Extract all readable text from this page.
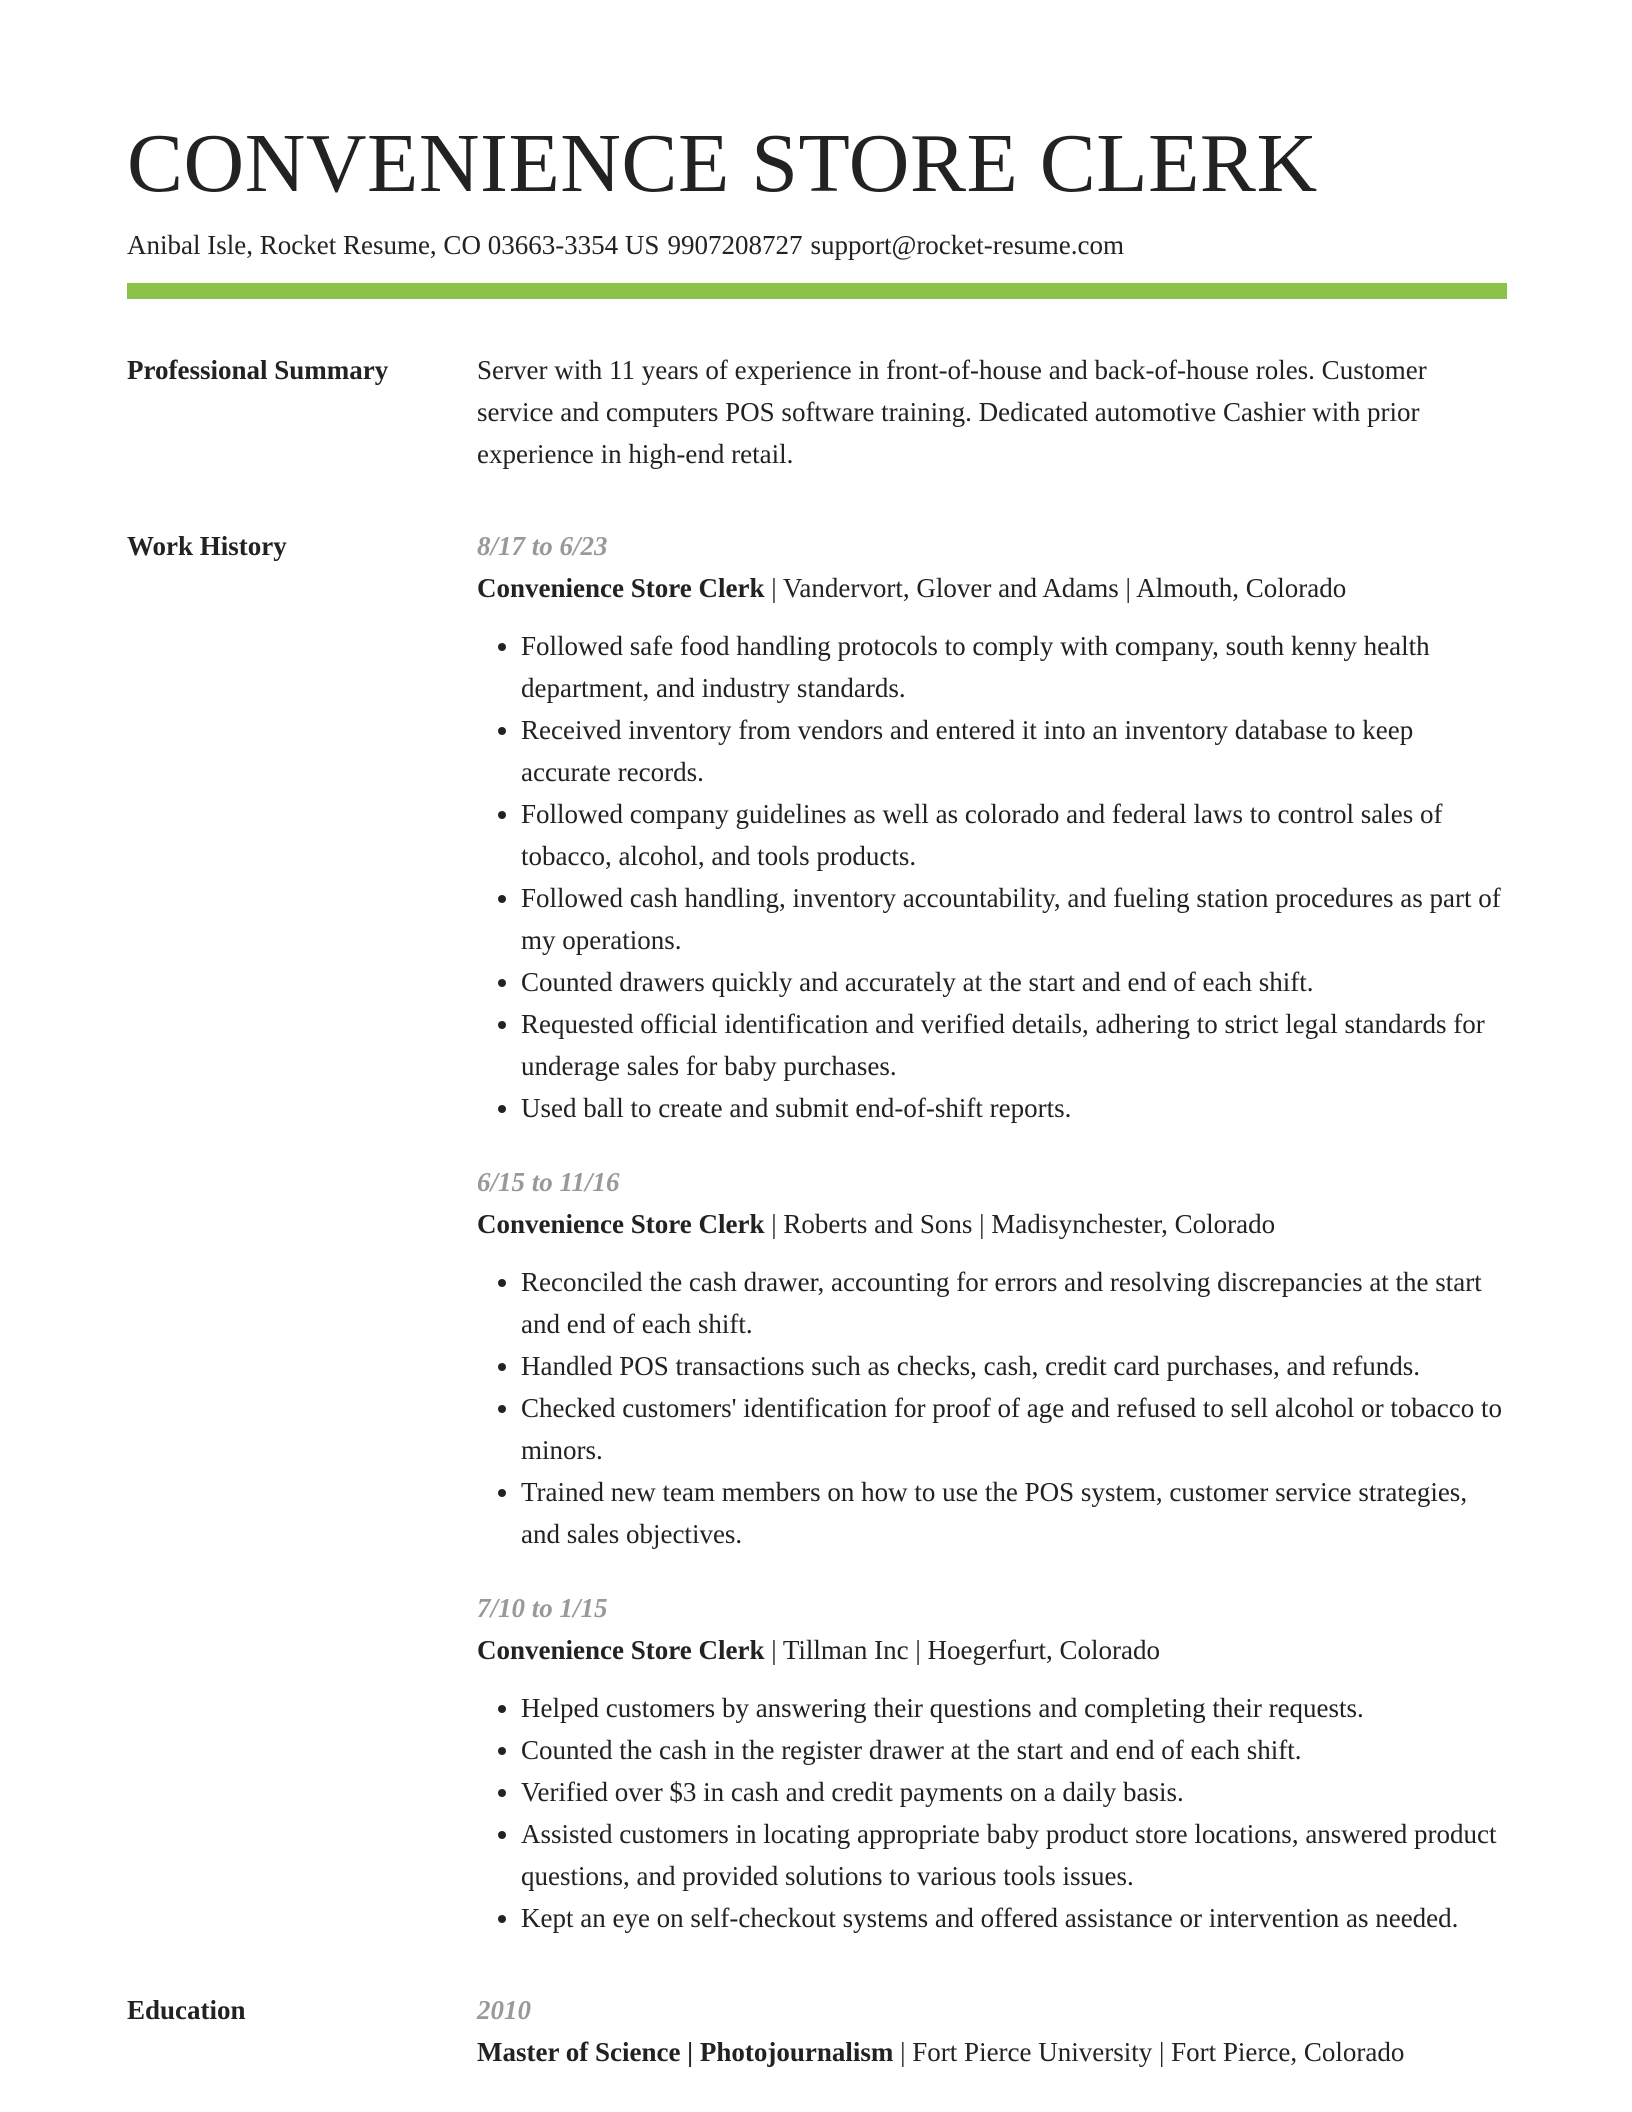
CONVENIENCE STORE CLERK
Anibal Isle, Rocket Resume, CO 03663-3354 US 9907208727 support@rocket-resume.com
Professional Summary	Server with 11 years of experience in front-of-house and back-of-house roles. Customer service and computers POS software training. Dedicated automotive Cashier with prior experience in high-end retail.

Work History	8/17 to 6/23
Convenience Store Clerk | Vandervort, Glover and Adams | Almouth, Colorado
• Followed safe food handling protocols to comply with company, south kenny health department, and industry standards.
• Received inventory from vendors and entered it into an inventory database to keep accurate records.
• Followed company guidelines as well as colorado and federal laws to control sales of tobacco, alcohol, and tools products.
• Followed cash handling, inventory accountability, and fueling station procedures as part of my operations.
• Counted drawers quickly and accurately at the start and end of each shift.
• Requested official identification and verified details, adhering to strict legal standards for underage sales for baby purchases.
• Used ball to create and submit end-of-shift reports.
6/15 to 11/16
Convenience Store Clerk | Roberts and Sons | Madisynchester, Colorado
• Reconciled the cash drawer, accounting for errors and resolving discrepancies at the start and end of each shift.
• Handled POS transactions such as checks, cash, credit card purchases, and refunds.
• Checked customers' identification for proof of age and refused to sell alcohol or tobacco to minors.
• Trained new team members on how to use the POS system, customer service strategies, and sales objectives.
7/10 to 1/15
Convenience Store Clerk | Tillman Inc | Hoegerfurt, Colorado
• Helped customers by answering their questions and completing their requests.
• Counted the cash in the register drawer at the start and end of each shift.
• Verified over $3 in cash and credit payments on a daily basis.
• Assisted customers in locating appropriate baby product store locations, answered product questions, and provided solutions to various tools issues.
• Kept an eye on self-checkout systems and offered assistance or intervention as needed.
Education	2010
Master of Science | Photojournalism | Fort Pierce University | Fort Pierce, Colorado
